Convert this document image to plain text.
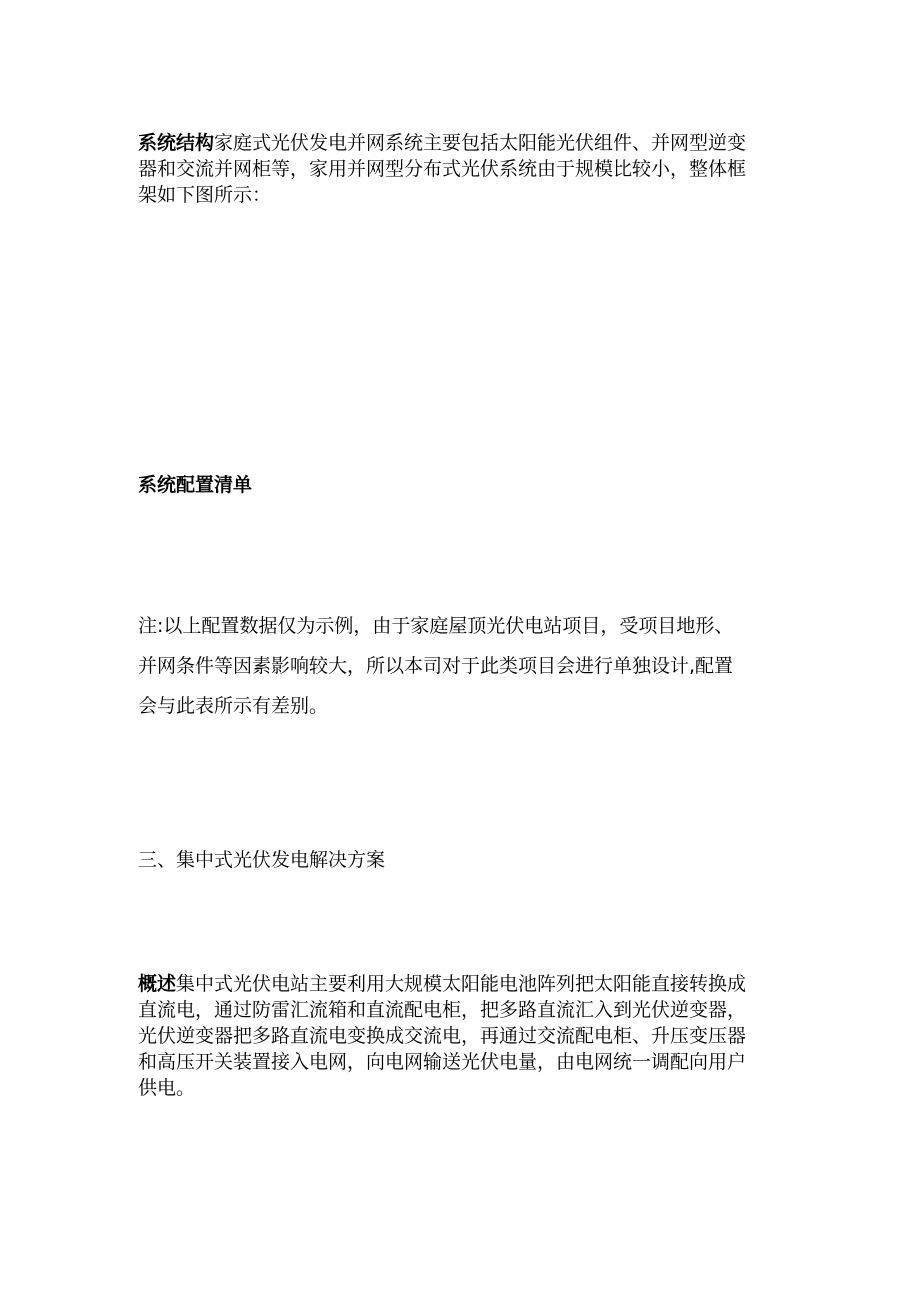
系统结构家庭式光伏发电并网系统主要包括太阳能光伏组件、并网型逆变
器和交流并网柜等，家用并网型分布式光伏系统由于规模比较小，整体框
架如下图所示：
系统配置清单
注:以上配置数据仅为示例，由于家庭屋顶光伏电站项目，受项目地形、
并网条件等因素影响较大，所以本司对于此类项目会进行单独设计,配置
会与此表所示有差别。
三、集中式光伏发电解决方案
概述集中式光伏电站主要利用大规模太阳能电池阵列把太阳能直接转换成
直流电，通过防雷汇流箱和直流配电柜，把多路直流汇入到光伏逆变器，
光伏逆变器把多路直流电变换成交流电，再通过交流配电柜、升压变压器
和高压开关装置接入电网，向电网输送光伏电量，由电网统一调配向用户
供电。
